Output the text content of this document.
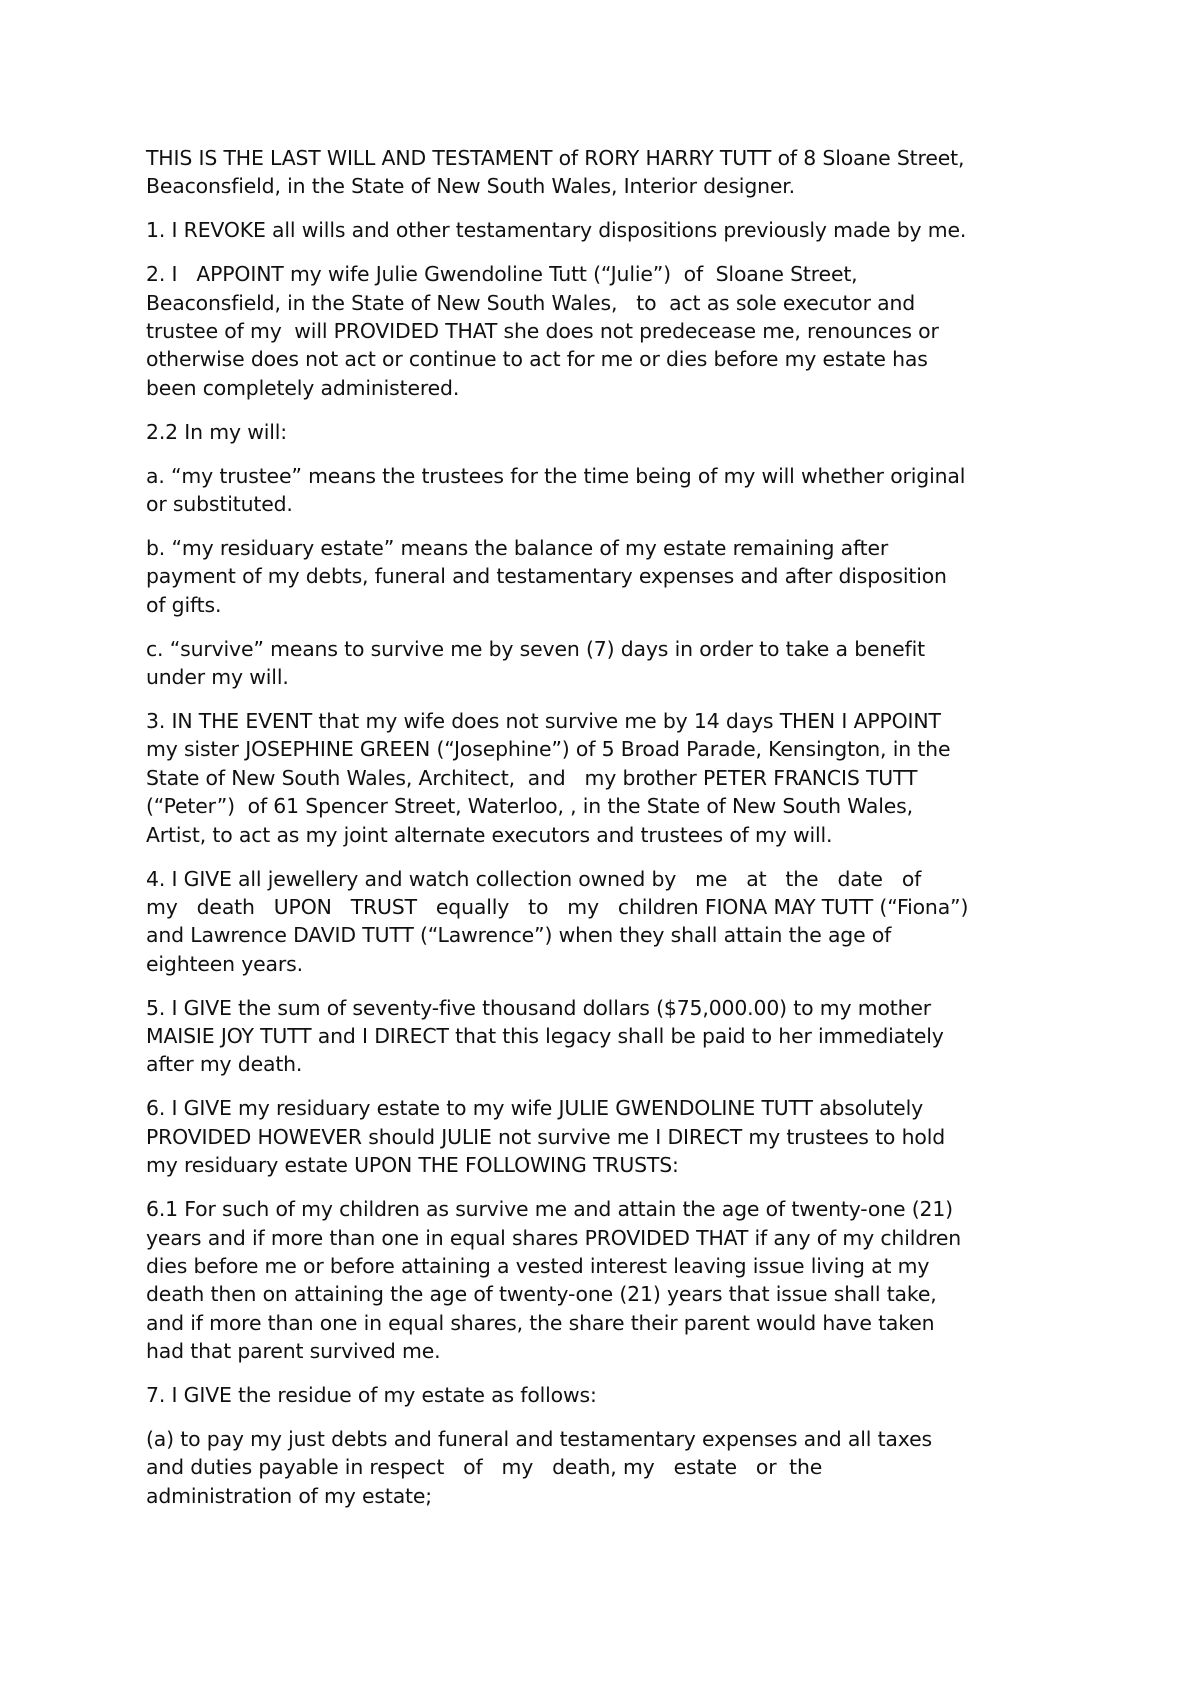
THIS IS THE LAST WILL AND TESTAMENT of RORY HARRY TUTT of 8 Sloane Street,
Beaconsfield, in the State of New South Wales, Interior designer.

1. I REVOKE all wills and other testamentary dispositions previously made by me.

2. I   APPOINT my wife Julie Gwendoline Tutt (“Julie”)  of  Sloane Street,
Beaconsfield, in the State of New South Wales,   to  act as sole executor and
trustee of my  will PROVIDED THAT she does not predecease me, renounces or
otherwise does not act or continue to act for me or dies before my estate has
been completely administered.

2.2 In my will:

a. “my trustee” means the trustees for the time being of my will whether original
or substituted.

b. “my residuary estate” means the balance of my estate remaining after
payment of my debts, funeral and testamentary expenses and after disposition
of gifts.

c. “survive” means to survive me by seven (7) days in order to take a benefit
under my will.

3. IN THE EVENT that my wife does not survive me by 14 days THEN I APPOINT
my sister JOSEPHINE GREEN (“Josephine”) of 5 Broad Parade, Kensington, in the
State of New South Wales, Architect,  and   my brother PETER FRANCIS TUTT
(“Peter”)  of 61 Spencer Street, Waterloo, , in the State of New South Wales,
Artist, to act as my joint alternate executors and trustees of my will.

4. I GIVE all jewellery and watch collection owned by   me   at   the   date   of
my   death   UPON   TRUST   equally   to   my   children FIONA MAY TUTT (“Fiona”)
and Lawrence DAVID TUTT (“Lawrence”) when they shall attain the age of
eighteen years.

5. I GIVE the sum of seventy-five thousand dollars ($75,000.00) to my mother
MAISIE JOY TUTT and I DIRECT that this legacy shall be paid to her immediately
after my death.

6. I GIVE my residuary estate to my wife JULIE GWENDOLINE TUTT absolutely
PROVIDED HOWEVER should JULIE not survive me I DIRECT my trustees to hold
my residuary estate UPON THE FOLLOWING TRUSTS:

6.1 For such of my children as survive me and attain the age of twenty-one (21)
years and if more than one in equal shares PROVIDED THAT if any of my children
dies before me or before attaining a vested interest leaving issue living at my
death then on attaining the age of twenty-one (21) years that issue shall take,
and if more than one in equal shares, the share their parent would have taken
had that parent survived me.

7. I GIVE the residue of my estate as follows:

(a) to pay my just debts and funeral and testamentary expenses and all taxes
and duties payable in respect   of   my   death, my   estate   or  the
administration of my estate;
